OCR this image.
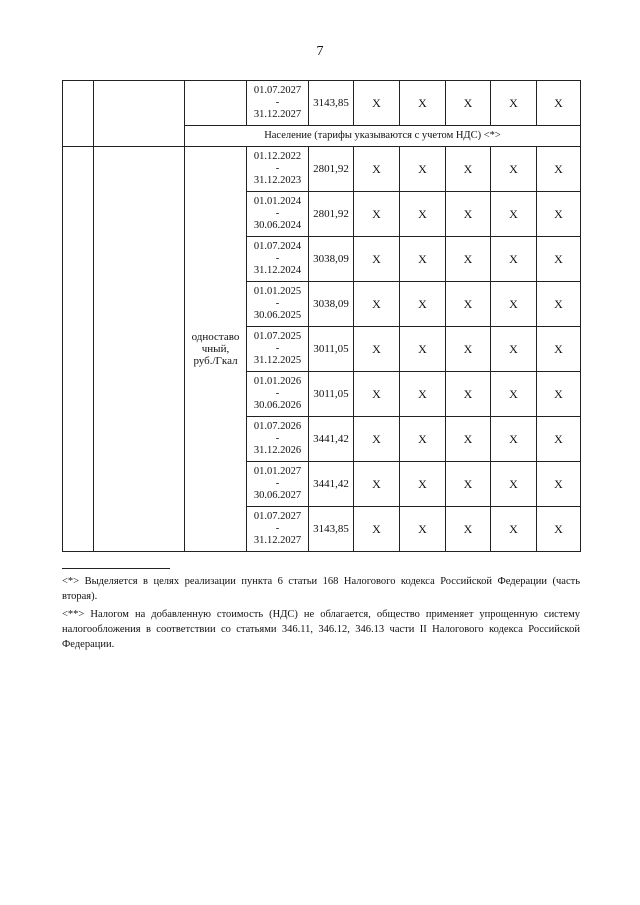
7

			01.07.2027
-
31.12.2027	3143,85	X	X	X	X	X
		Население (тарифы указываются с учетом НДС) <*>							

		одноставо
чный,
руб./Гкал	01.12.2022
-
31.12.2023	2801,92	X	X	X	X	X

			01.01.2024
-
30.06.2024	2801,92	X	X	X	X	X

			01.07.2024
-
31.12.2024	3038,09	X	X	X	X	X

			01.01.2025
-
30.06.2025	3038,09	X	X	X	X	X

			01.07.2025
-
31.12.2025	3011,05	X	X	X	X	X

			01.01.2026
-
30.06.2026	3011,05	X	X	X	X	X

			01.07.2026
-
31.12.2026	3441,42	X	X	X	X	X

			01.01.2027
-
30.06.2027	3441,42	X	X	X	X	X

			01.07.2027
-
31.12.2027	3143,85	X	X	X	X	X

<*> Выделяется в целях реализации пункта 6 статьи 168 Налогового кодекса Российской Федерации (часть вторая).

<**> Налогом на добавленную стоимость (НДС) не облагается, общество применяет упрощенную систему налогообложения в соответствии со статьями 346.11, 346.12, 346.13 части II Налогового кодекса Российской Федерации.
